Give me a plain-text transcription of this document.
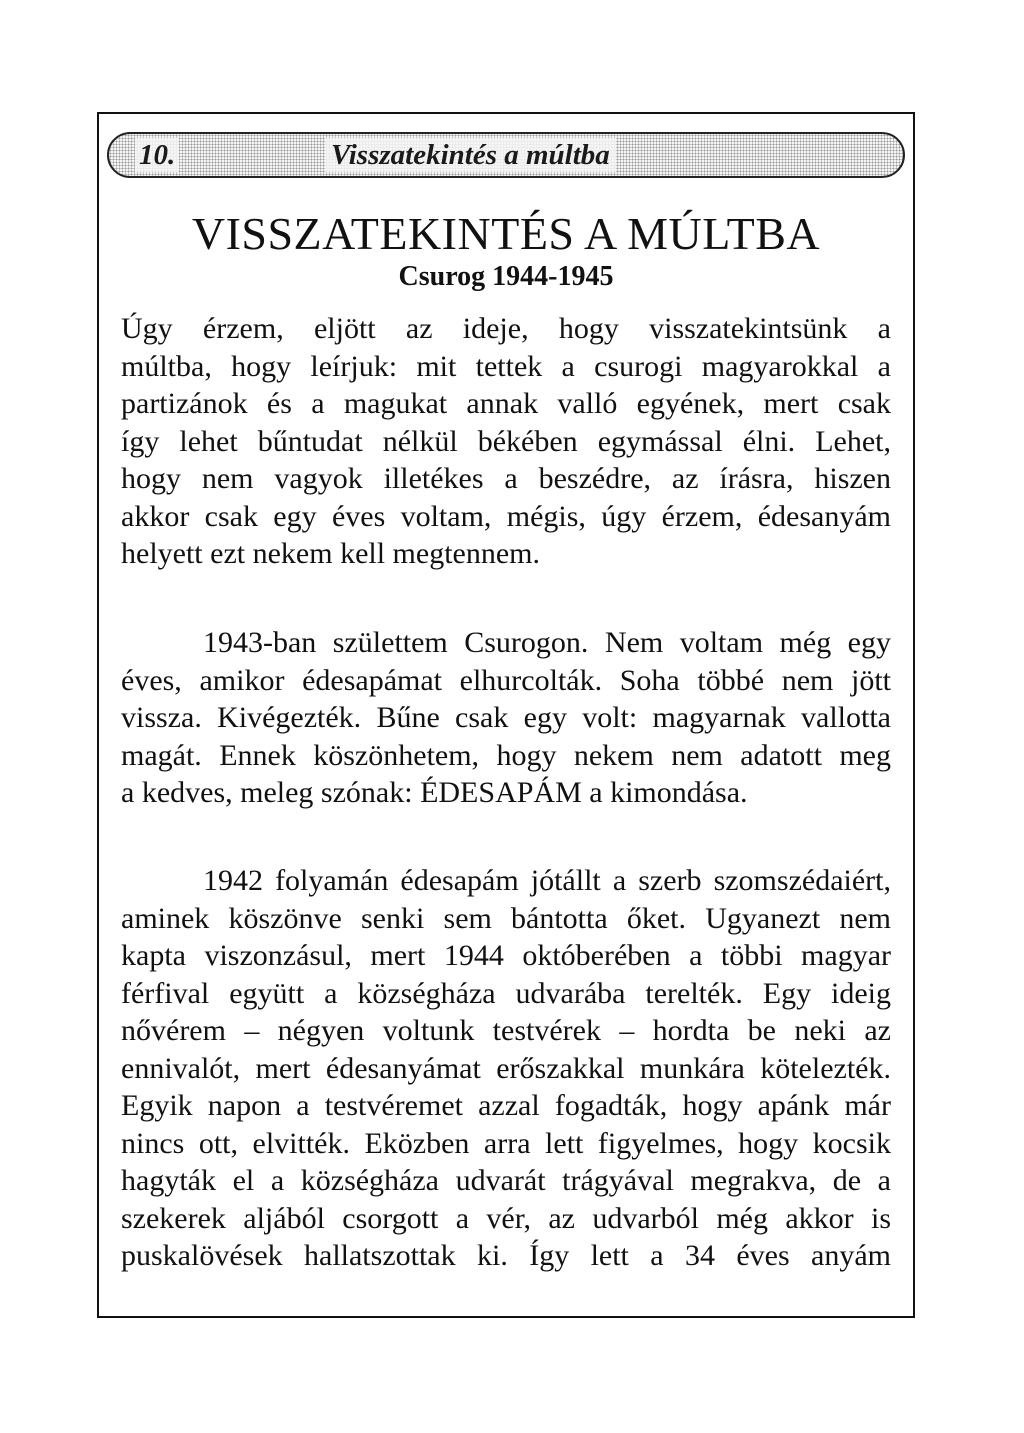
10.	Visszatekintés a múltba
VISSZATEKINTÉS A MÚLTBA
Csurog 1944-1945

Úgy érzem, eljött az ideje, hogy visszatekintsünk a
múltba, hogy leírjuk: mit tettek a csurogi magyarokkal a
partizánok és a magukat annak valló egyének, mert csak
így lehet bűntudat nélkül békében egymással élni. Lehet,
hogy nem vagyok illetékes a beszédre, az írásra, hiszen
akkor csak egy éves voltam, mégis, úgy érzem, édesanyám
helyett ezt nekem kell megtennem.

1943-ban születtem Csurogon. Nem voltam még egy
éves, amikor édesapámat elhurcolták. Soha többé nem jött
vissza. Kivégezték. Bűne csak egy volt: magyarnak vallotta
magát. Ennek köszönhetem, hogy nekem nem adatott meg
a kedves, meleg szónak: ÉDESAPÁM a kimondása.

1942 folyamán édesapám jótállt a szerb szomszédaiért,
aminek köszönve senki sem bántotta őket. Ugyanezt nem
kapta viszonzásul, mert 1944 októberében a többi magyar
férfival együtt a községháza udvarába terelték. Egy ideig
nővérem – négyen voltunk testvérek – hordta be neki az
ennivalót, mert édesanyámat erőszakkal munkára kötelezték.
Egyik napon a testvéremet azzal fogadták, hogy apánk már
nincs ott, elvitték. Eközben arra lett figyelmes, hogy kocsik
hagyták el a községháza udvarát trágyával megrakva, de a
szekerek aljából csorgott a vér, az udvarból még akkor is
puskalövések hallatszottak ki. Így lett a 34 éves anyám
